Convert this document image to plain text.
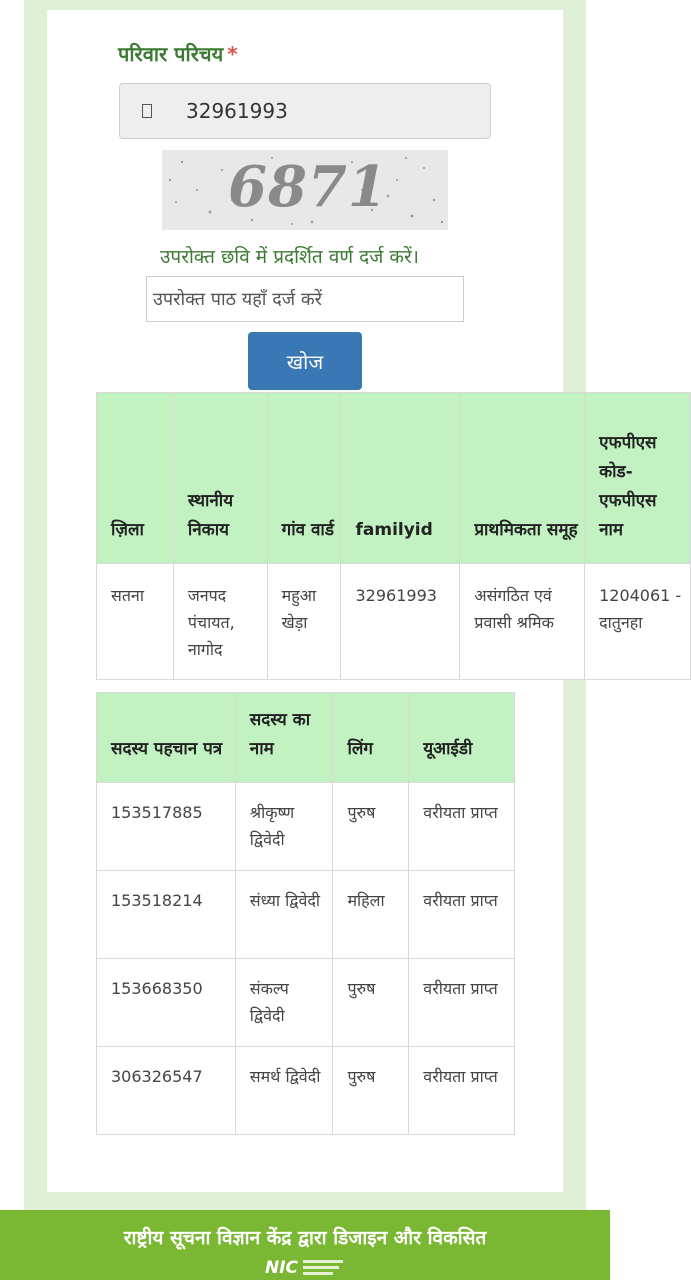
परिवार परिचय *
32961993
6871
उपरोक्त छवि में प्रदर्शित वर्ण दर्ज करें।
उपरोक्त पाठ यहाँ दर्ज करें
खोज
ज़िला	स्थानीय निकाय	गांव वार्ड	familyid	प्राथमिकता समूह	एफपीएस कोड-एफपीएस नाम
सतना	जनपद पंचायत, नागोद	महुआ खेड़ा	32961993	असंगठित एवं प्रवासी श्रमिक	1204061 - दातुनहा
सदस्य पहचान पत्र	सदस्य का नाम	लिंग	यूआईडी
153517885	श्रीकृष्ण द्विवेदी	पुरुष	वरीयता प्राप्त
153518214	संध्या द्विवेदी	महिला	वरीयता प्राप्त
153668350	संकल्प द्विवेदी	पुरुष	वरीयता प्राप्त
306326547	समर्थ द्विवेदी	पुरुष	वरीयता प्राप्त
राष्ट्रीय सूचना विज्ञान केंद्र द्वारा डिजाइन और विकसित
NIC
